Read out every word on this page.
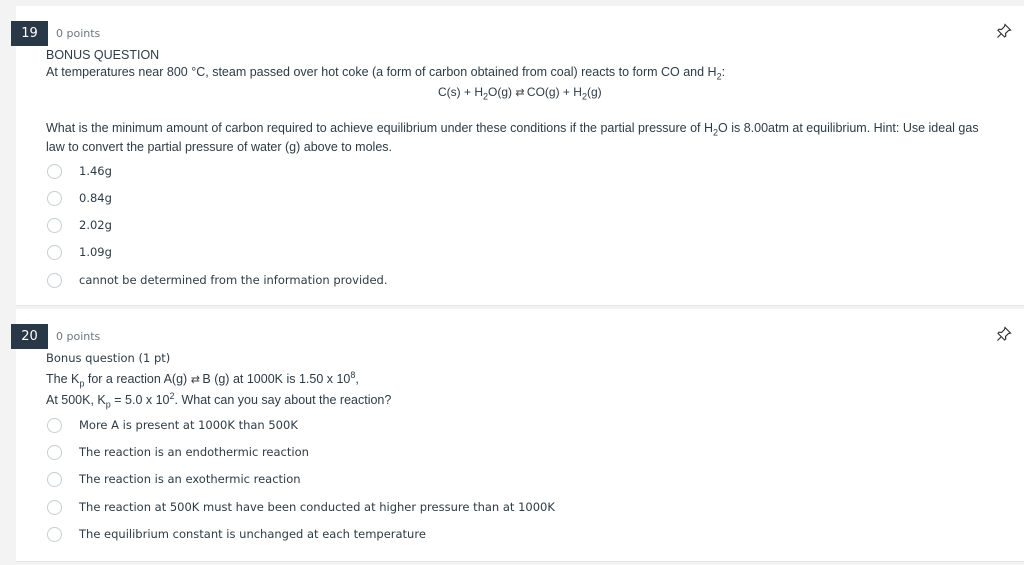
19	0 points
BONUS QUESTION
At temperatures near 800 °C, steam passed over hot coke (a form of carbon obtained from coal) reacts to form CO and $H_2$:
$C(s) + H_2O(g)$ ⇄ $CO(g) + H_2(g)$
What is the minimum amount of carbon required to achieve equilibrium under these conditions if the partial pressure of $H_2O$ is 8.00atm at equilibrium. Hint: Use ideal gas
law to convert the partial pressure of water (g) above to moles.
1.46g
0.84g
2.02g
1.09g
cannot be determined from the information provided.
20	0 points
Bonus question (1 pt)
The $K_p$ for a reaction A(g) ⇄ B (g) at 1000K is 1.50 x $10^8$,
At 500K, $K_p = 5.0$ x $10^2$. What can you say about the reaction?
More A is present at 1000K than 500K
The reaction is an endothermic reaction
The reaction is an exothermic reaction
The reaction at 500K must have been conducted at higher pressure than at 1000K
The equilibrium constant is unchanged at each temperature
